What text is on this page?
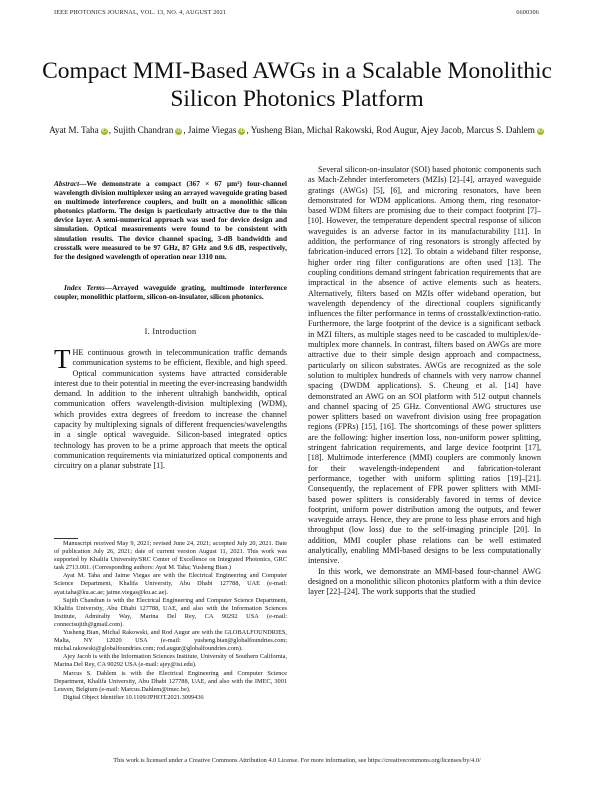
IEEE PHOTONICS JOURNAL, VOL. 13, NO. 4, AUGUST 2021	6600306
Compact MMI-Based AWGs in a Scalable Monolithic Silicon Photonics Platform
Ayat M. Taha iD , Sujith Chandran iD , Jaime Viegas iD , Yusheng Bian, Michal Rakowski, Rod Augur, Ajey Jacob, Marcus S. Dahlem iD
Abstract—We demonstrate a compact (367 × 67 μm²) four-channel wavelength division multiplexer using an arrayed waveguide grating based on multimode interference couplers, and built on a monolithic silicon photonics platform. The design is particularly attractive due to the thin device layer. A semi-numerical approach was used for device design and simulation. Optical measurements were found to be consistent with simulation results. The device channel spacing, 3-dB bandwidth and crosstalk were measured to be 97 GHz, 87 GHz and 9.6 dB, respectively, for the designed wavelength of operation near 1310 nm.
Index Terms—Arrayed waveguide grating, multimode interference coupler, monolithic platform, silicon-on-insulator, silicon photonics.
I. Introduction
THE continuous growth in telecommunication traffic demands communication systems to be efficient, flexible, and high speed. Optical communication systems have attracted considerable interest due to their potential in meeting the ever-increasing bandwidth demand. In addition to the inherent ultrahigh bandwidth, optical communication offers wavelength-division multiplexing (WDM), which provides extra degrees of freedom to increase the channel capacity by multiplexing signals of different frequencies/wavelengths in a single optical waveguide. Silicon-based integrated optics technology has proven to be a prime approach that meets the optical communication requirements via miniaturized optical components and circuitry on a planar substrate [1].

Manuscript received May 9, 2021; revised June 24, 2021; accepted July 20, 2021. Date of publication July 26, 2021; date of current version August 11, 2021. This work was supported by Khalifa University/SRC Center of Excellence on Integrated Photonics, GRC task 2713.001. (Corresponding authors: Ayat M. Taha; Yusheng Bian.)

Ayat M. Taha and Jaime Viegas are with the Electrical Engineering and Computer Science Department, Khalifa University, Abu Dhabi 127788, UAE (e-mail: ayat.taha@ku.ac.ae; jaime.viegas@ku.ac.ae).

Sujith Chandran is with the Electrical Engineering and Computer Science Department, Khalifa University, Abu Dhabi 127788, UAE, and also with the Information Sciences Institute, Admiralty Way, Marina Del Rey, CA 90292 USA (e-mail: connectsujith@gmail.com).

Yusheng Bian, Michal Rakowski, and Rod Augur are with the GLOBALFOUNDRIES, Malta, NY 12020 USA (e-mail: yusheng.bian@globalfoundries.com; michal.rakowski@globalfoundries.com; rod.augur@globalfoundries.com).

Ajey Jacob is with the Information Sciences Institute, University of Southern California, Marina Del Rey, CA 90292 USA (e-mail: ajey@isi.edu).

Marcus S. Dahlem is with the Electrical Engineering and Computer Science Department, Khalifa University, Abu Dhabi 127788, UAE, and also with the IMEC, 3001 Leuven, Belgium (e-mail: Marcus.Dahlem@imec.be).

Digital Object Identifier 10.1109/JPHOT.2021.3099436

Several silicon-on-insulator (SOI) based photonic components such as Mach-Zehnder interferometers (MZIs) [2]–[4], arrayed waveguide gratings (AWGs) [5], [6], and microring resonators, have been demonstrated for WDM applications. Among them, ring resonator-based WDM filters are promising due to their compact footprint [7]–[10]. However, the temperature dependent spectral response of silicon waveguides is an adverse factor in its manufacturability [11]. In addition, the performance of ring resonators is strongly affected by fabrication-induced errors [12]. To obtain a wideband filter response, higher order ring filter configurations are often used [13]. The coupling conditions demand stringent fabrication requirements that are impractical in the absence of active elements such as heaters. Alternatively, filters based on MZIs offer wideband operation, but wavelength dependency of the directional couplers significantly influences the filter performance in terms of crosstalk/extinction-ratio. Furthermore, the large footprint of the device is a significant setback in MZI filters, as multiple stages need to be cascaded to multiplex/de-multiplex more channels. In contrast, filters based on AWGs are more attractive due to their simple design approach and compactness, particularly on silicon substrates. AWGs are recognized as the sole solution to multiplex hundreds of channels with very narrow channel spacing (DWDM applications). S. Cheung et al. [14] have demonstrated an AWG on an SOI platform with 512 output channels and channel spacing of 25 GHz. Conventional AWG structures use power splitters based on wavefront division using free propagation regions (FPRs) [15], [16]. The shortcomings of these power splitters are the following: higher insertion loss, non-uniform power splitting, stringent fabrication requirements, and large device footprint [17], [18]. Multimode interference (MMI) couplers are commonly known for their wavelength-independent and fabrication-tolerant performance, together with uniform splitting ratios [19]–[21]. Consequently, the replacement of FPR power splitters with MMI-based power splitters is considerably favored in terms of device footprint, uniform power distribution among the outputs, and fewer waveguide arrays. Hence, they are prone to less phase errors and high throughput (low loss) due to the self-imaging principle [20]. In addition, MMI coupler phase relations can be well estimated analytically, enabling MMI-based designs to be less computationally intensive.

In this work, we demonstrate an MMI-based four-channel AWG designed on a monolithic silicon photonics platform with a thin device layer [22]–[24]. The work supports that the studied

This work is licensed under a Creative Commons Attribution 4.0 License. For more information, see https://creativecommons.org/licenses/by/4.0/
